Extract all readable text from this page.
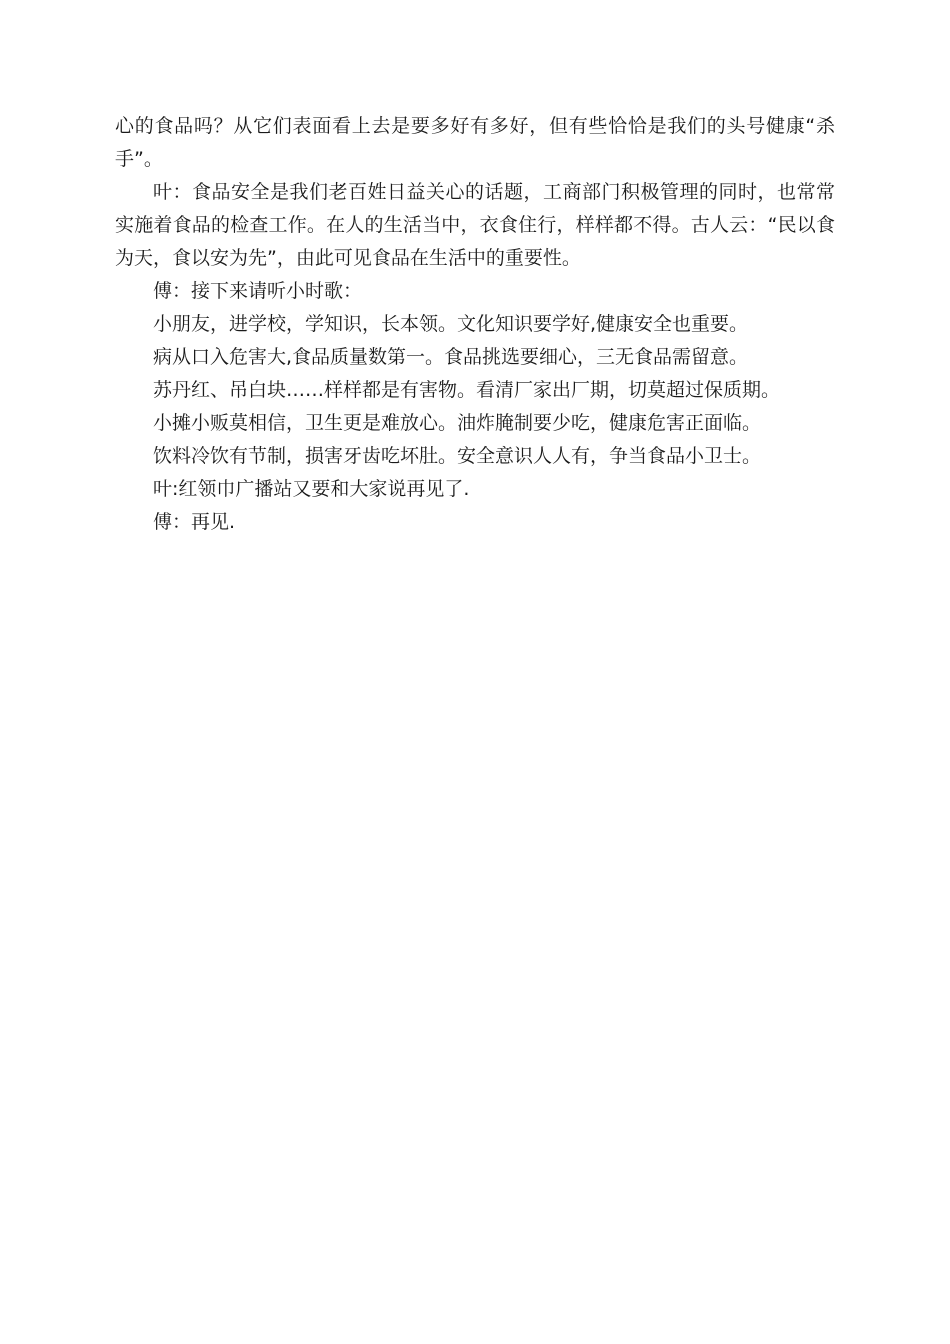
心的食品吗？从它们表面看上去是要多好有多好，但有些恰恰是我们的头号健康“杀手”。

叶：食品安全是我们老百姓日益关心的话题，工商部门积极管理的同时，也常常实施着食品的检查工作。在人的生活当中，衣食住行，样样都不得。古人云：“民以食为天，食以安为先”，由此可见食品在生活中的重要性。

傅：接下来请听小时歌：

小朋友，进学校，学知识，长本领。文化知识要学好,健康安全也重要。

病从口入危害大,食品质量数第一。食品挑选要细心，三无食品需留意。

苏丹红、吊白块……样样都是有害物。看清厂家出厂期，切莫超过保质期。

小摊小贩莫相信，卫生更是难放心。油炸腌制要少吃，健康危害正面临。

饮料冷饮有节制，损害牙齿吃坏肚。安全意识人人有，争当食品小卫士。

叶:红领巾广播站又要和大家说再见了.

傅：再见.
